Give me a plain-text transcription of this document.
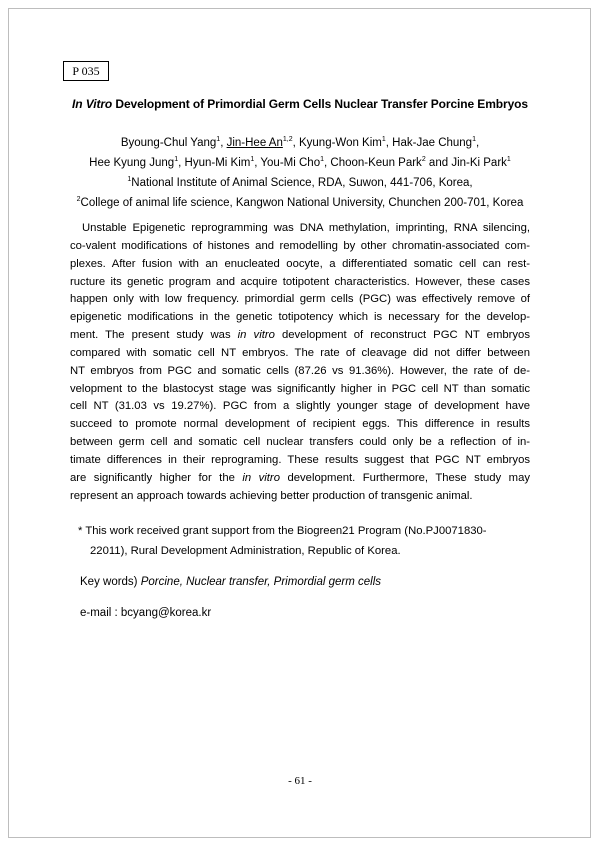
P 035
In Vitro Development of Primordial Germ Cells Nuclear Transfer Porcine Embryos
Byoung-Chul Yang$^1$, Jin-Hee An$^{1,2}$, Kyung-Won Kim$^1$, Hak-Jae Chung$^1$,
Hee Kyung Jung$^1$, Hyun-Mi Kim$^1$, You-Mi Cho$^1$, Choon-Keun Park$^2$ and Jin-Ki Park$^1$
$^1$National Institute of Animal Science, RDA, Suwon, 441-706, Korea,
$^2$College of animal life science, Kangwon National University, Chunchen 200-701, Korea
Unstable Epigenetic reprogramming was DNA methylation, imprinting, RNA silencing,
co-valent modifications of histones and remodelling by other chromatin-associated com-
plexes. After fusion with an enucleated oocyte, a differentiated somatic cell can rest-
ructure its genetic program and acquire totipotent characteristics. However, these cases
happen only with low frequency. primordial germ cells (PGC) was effectively remove of
epigenetic modifications in the genetic totipotency which is necessary for the develop-
ment. The present study was in vitro development of reconstruct PGC NT embryos
compared with somatic cell NT embryos. The rate of cleavage did not differ between
NT embryos from PGC and somatic cells (87.26 vs 91.36%). However, the rate of de-
velopment to the blastocyst stage was significantly higher in PGC cell NT than somatic
cell NT (31.03 vs 19.27%). PGC from a slightly younger stage of development have
succeed to promote normal development of recipient eggs. This difference in results
between germ cell and somatic cell nuclear transfers could only be a reflection of in-
timate differences in their reprograming. These results suggest that PGC NT embryos
are significantly higher for the in vitro development. Furthermore, These study may
represent an approach towards achieving better production of transgenic animal.
* This work received grant support from the Biogreen21 Program (No.PJ0071830-
22011), Rural Development Administration, Republic of Korea.
Key words) Porcine, Nuclear transfer, Primordial germ cells
e-mail : bcyang@korea.kr
- 61 -
